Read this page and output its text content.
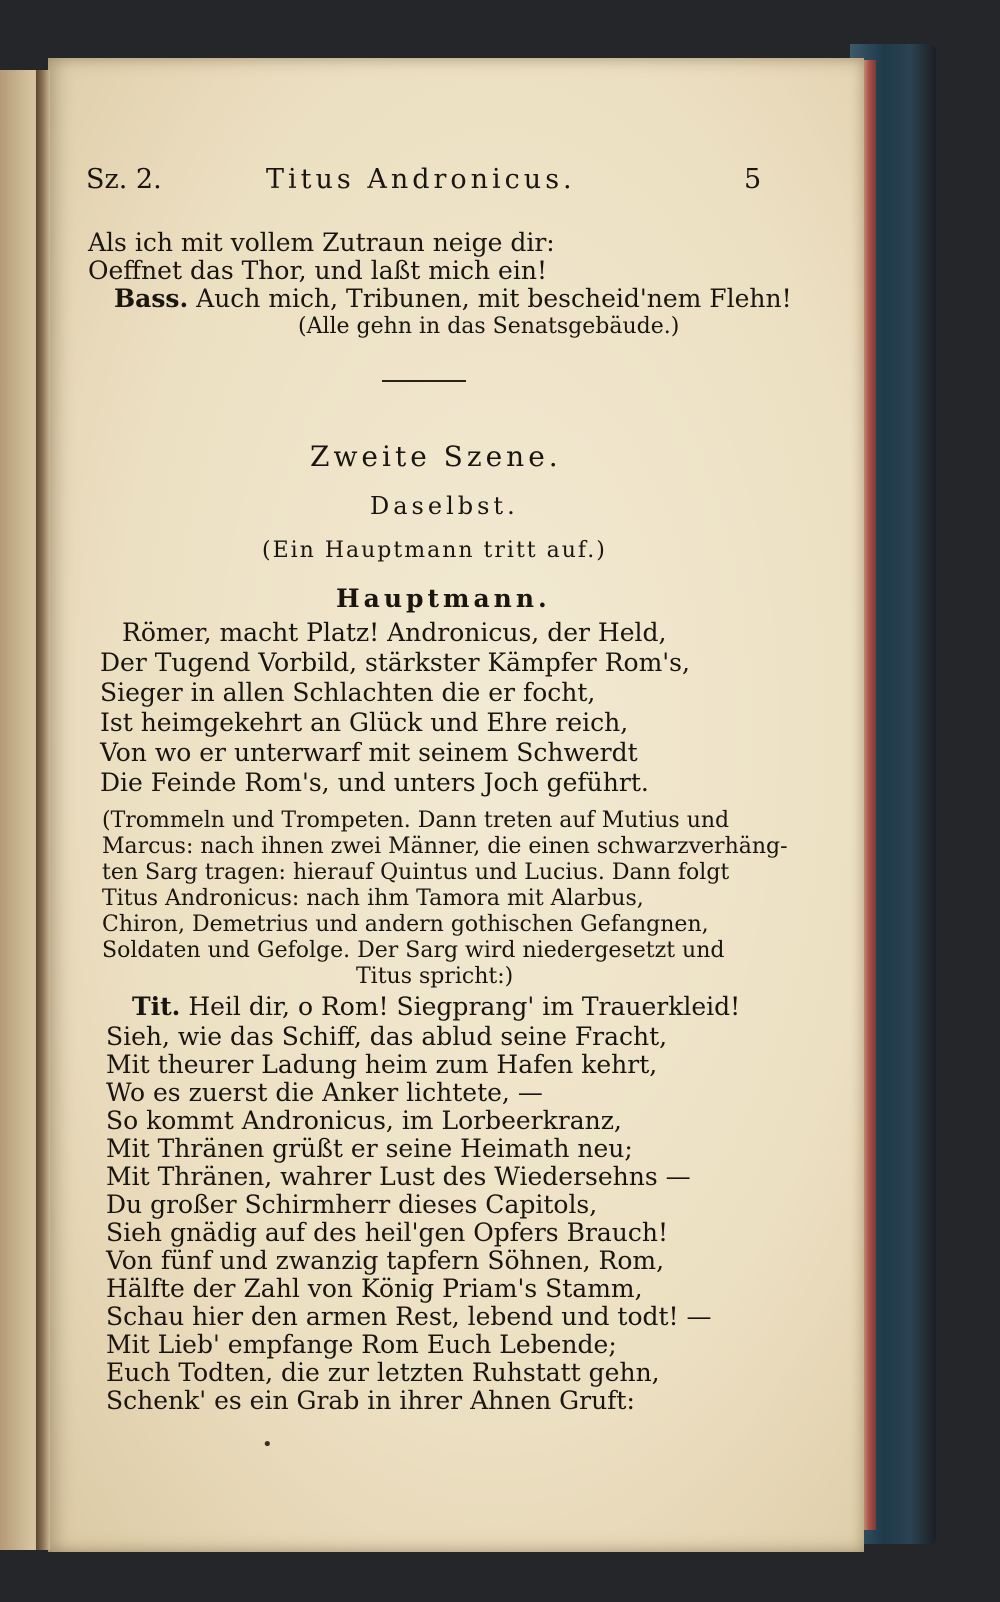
Sz. 2.	Titus Andronicus.	5
Als ich mit vollem Zutraun neige dir:
Oeffnet das Thor, und laßt mich ein!
Bass. Auch mich, Tribunen, mit bescheid'nem Flehn!
(Alle gehn in das Senatsgebäude.)
Zweite Szene.
Daselbst.
(Ein Hauptmann tritt auf.)
Hauptmann.
Römer, macht Platz! Andronicus, der Held,
Der Tugend Vorbild, stärkster Kämpfer Rom's,
Sieger in allen Schlachten die er focht,
Ist heimgekehrt an Glück und Ehre reich,
Von wo er unterwarf mit seinem Schwerdt
Die Feinde Rom's, und unters Joch geführt.
(Trommeln und Trompeten. Dann treten auf Mutius und
Marcus: nach ihnen zwei Männer, die einen schwarzverhäng-
ten Sarg tragen: hierauf Quintus und Lucius. Dann folgt
Titus Andronicus: nach ihm Tamora mit Alarbus,
Chiron, Demetrius und andern gothischen Gefangnen,
Soldaten und Gefolge. Der Sarg wird niedergesetzt und
Titus spricht:)
Tit. Heil dir, o Rom! Siegprang' im Trauerkleid!
Sieh, wie das Schiff, das ablud seine Fracht,
Mit theurer Ladung heim zum Hafen kehrt,
Wo es zuerst die Anker lichtete, —
So kommt Andronicus, im Lorbeerkranz,
Mit Thränen grüßt er seine Heimath neu;
Mit Thränen, wahrer Lust des Wiedersehns —
Du großer Schirmherr dieses Capitols,
Sieh gnädig auf des heil'gen Opfers Brauch!
Von fünf und zwanzig tapfern Söhnen, Rom,
Hälfte der Zahl von König Priam's Stamm,
Schau hier den armen Rest, lebend und todt! —
Mit Lieb' empfange Rom Euch Lebende;
Euch Todten, die zur letzten Ruhstatt gehn,
Schenk' es ein Grab in ihrer Ahnen Gruft:
•
